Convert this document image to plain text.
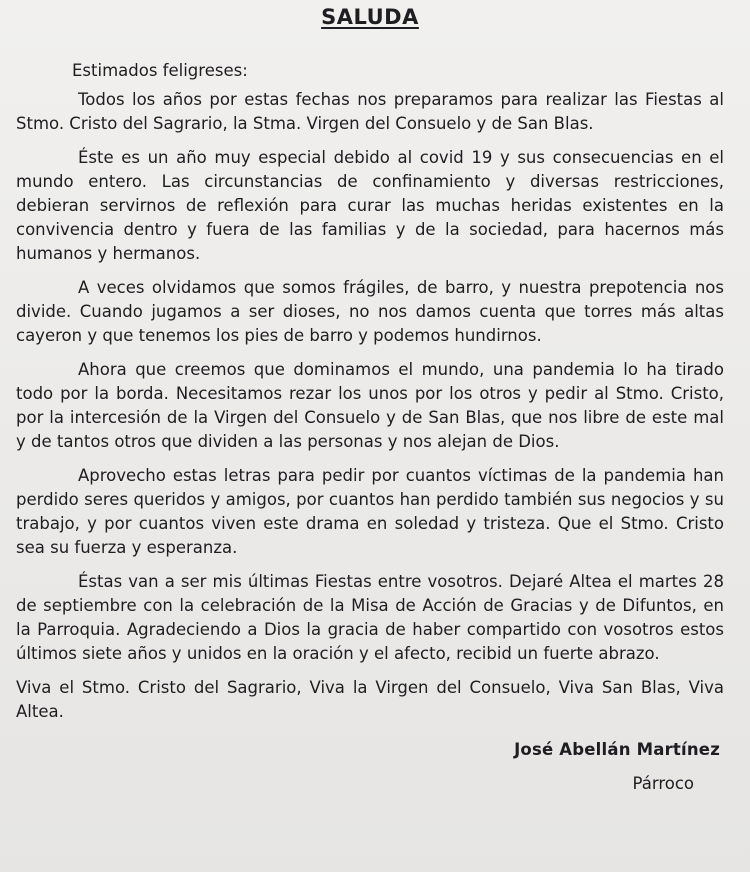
SALUDA
Estimados feligreses:

Todos los años por estas fechas nos preparamos para realizar las Fiestas al Stmo. Cristo del Sagrario, la Stma. Virgen del Consuelo y de San Blas.

Éste es un año muy especial debido al covid 19 y sus consecuencias en el mundo entero. Las circunstancias de confinamiento y diversas restricciones, debieran servirnos de reflexión para curar las muchas heridas existentes en la convivencia dentro y fuera de las familias y de la sociedad, para hacernos más humanos y hermanos.

A veces olvidamos que somos frágiles, de barro, y nuestra prepotencia nos divide. Cuando jugamos a ser dioses, no nos damos cuenta que torres más altas cayeron y que tenemos los pies de barro y podemos hundirnos.

Ahora que creemos que dominamos el mundo, una pandemia lo ha tirado todo por la borda. Necesitamos rezar los unos por los otros y pedir al Stmo. Cristo, por la intercesión de la Virgen del Consuelo y de San Blas, que nos libre de este mal y de tantos otros que dividen a las personas y nos alejan de Dios.

Aprovecho estas letras para pedir por cuantos víctimas de la pandemia han perdido seres queridos y amigos, por cuantos han perdido también sus negocios y su trabajo, y por cuantos viven este drama en soledad y tristeza. Que el Stmo. Cristo sea su fuerza y esperanza.

Éstas van a ser mis últimas Fiestas entre vosotros. Dejaré Altea el martes 28 de septiembre con la celebración de la Misa de Acción de Gracias y de Difuntos, en la Parroquia. Agradeciendo a Dios la gracia de haber compartido con vosotros estos últimos siete años y unidos en la oración y el afecto, recibid un fuerte abrazo.

Viva el Stmo. Cristo del Sagrario, Viva la Virgen del Consuelo, Viva San Blas, Viva Altea.
José Abellán Martínez
Párroco
